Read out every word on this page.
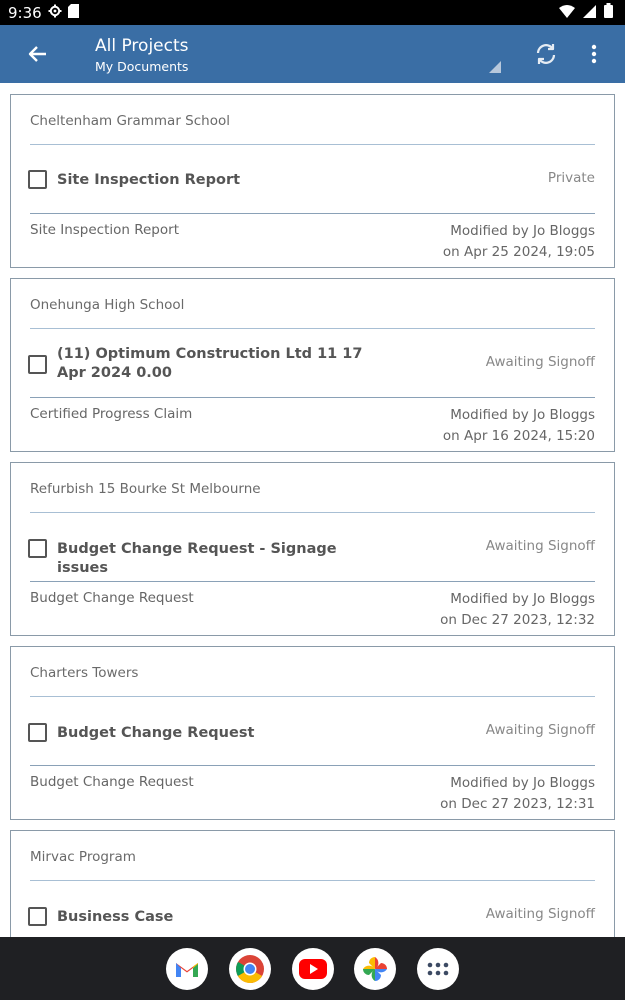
9:36
All Projects
My Documents
Cheltenham Grammar School
Site Inspection Report	Private
Site Inspection Report	Modified by Jo Bloggs
on Apr 25 2024, 19:05
Onehunga High School
(11) Optimum Construction Ltd 11 17 Apr 2024 0.00
Awaiting Signoff
Certified Progress Claim	Modified by Jo Bloggs
on Apr 16 2024, 15:20
Refurbish 15 Bourke St Melbourne
Budget Change Request - Signage issues
Awaiting Signoff
Budget Change Request	Modified by Jo Bloggs
on Dec 27 2023, 12:32
Charters Towers
Budget Change Request	Awaiting Signoff
Budget Change Request	Modified by Jo Bloggs
on Dec 27 2023, 12:31
Mirvac Program
Business Case	Awaiting Signoff
